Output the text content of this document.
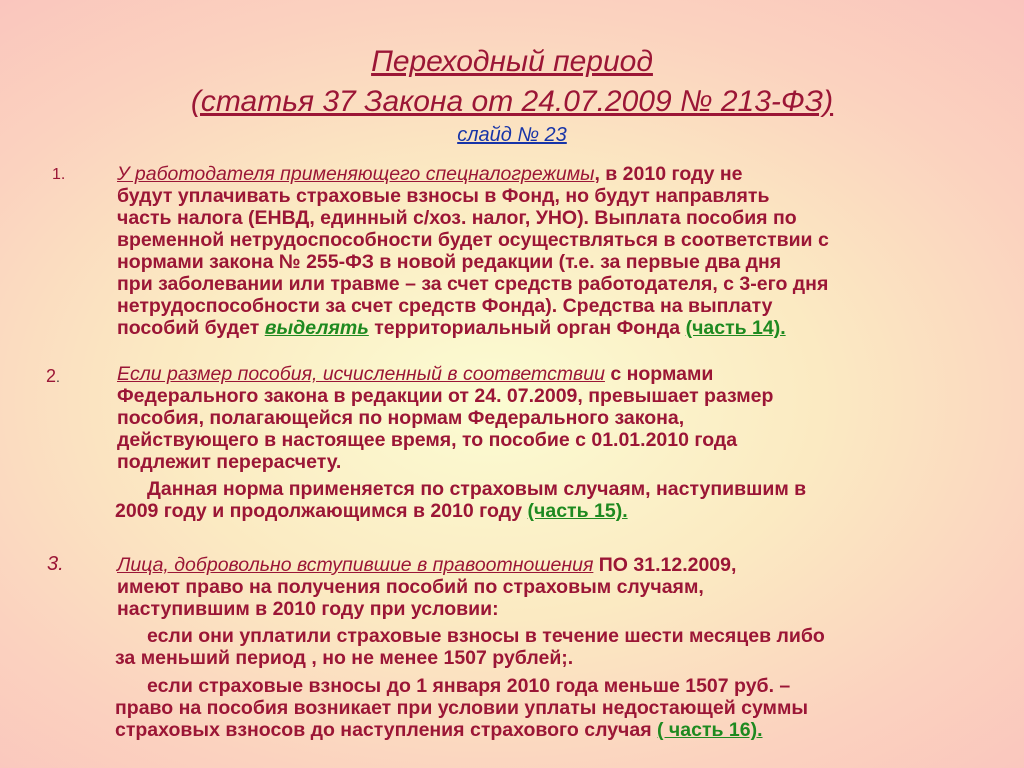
Переходный период
(статья 37 Закона от 24.07.2009 № 213-ФЗ)
слайд № 23
1.	У работодателя применяющего спецналогрежимы, в 2010 году не
будут уплачивать страховые взносы в Фонд, но будут направлять
часть налога (ЕНВД, единный с/хоз. налог, УНО). Выплата пособия по
временной нетрудоспособности будет осуществляться в соответствии с
нормами закона № 255-ФЗ в новой редакции (т.е. за первые два дня
при заболевании или травме – за счет средств работодателя, с 3-его дня
нетрудоспособности за счет средств Фонда). Средства на выплату
пособий будет выделять территориальный орган Фонда (часть 14).
2.	Если размер пособия, исчисленный в соответствии с нормами
Федерального закона в редакции от 24. 07.2009, превышает размер
пособия, полагающейся по нормам Федерального закона,
действующего в настоящее время, то пособие с 01.01.2010 года
подлежит перерасчету.
Данная норма применяется по страховым случаям, наступившим в
2009 году и продолжающимся в 2010 году (часть 15).
3.	Лица, добровольно вступившие в правоотношения ПО 31.12.2009,
имеют право на получения пособий по страховым случаям,
наступившим в 2010 году при условии:
если они уплатили страховые взносы в течение шести месяцев либо
за меньший период , но не менее 1507 рублей;.
если страховые взносы до 1 января 2010 года меньше 1507 руб. –
право на пособия возникает при условии уплаты недостающей суммы
страховых взносов до наступления страхового случая ( часть 16).
